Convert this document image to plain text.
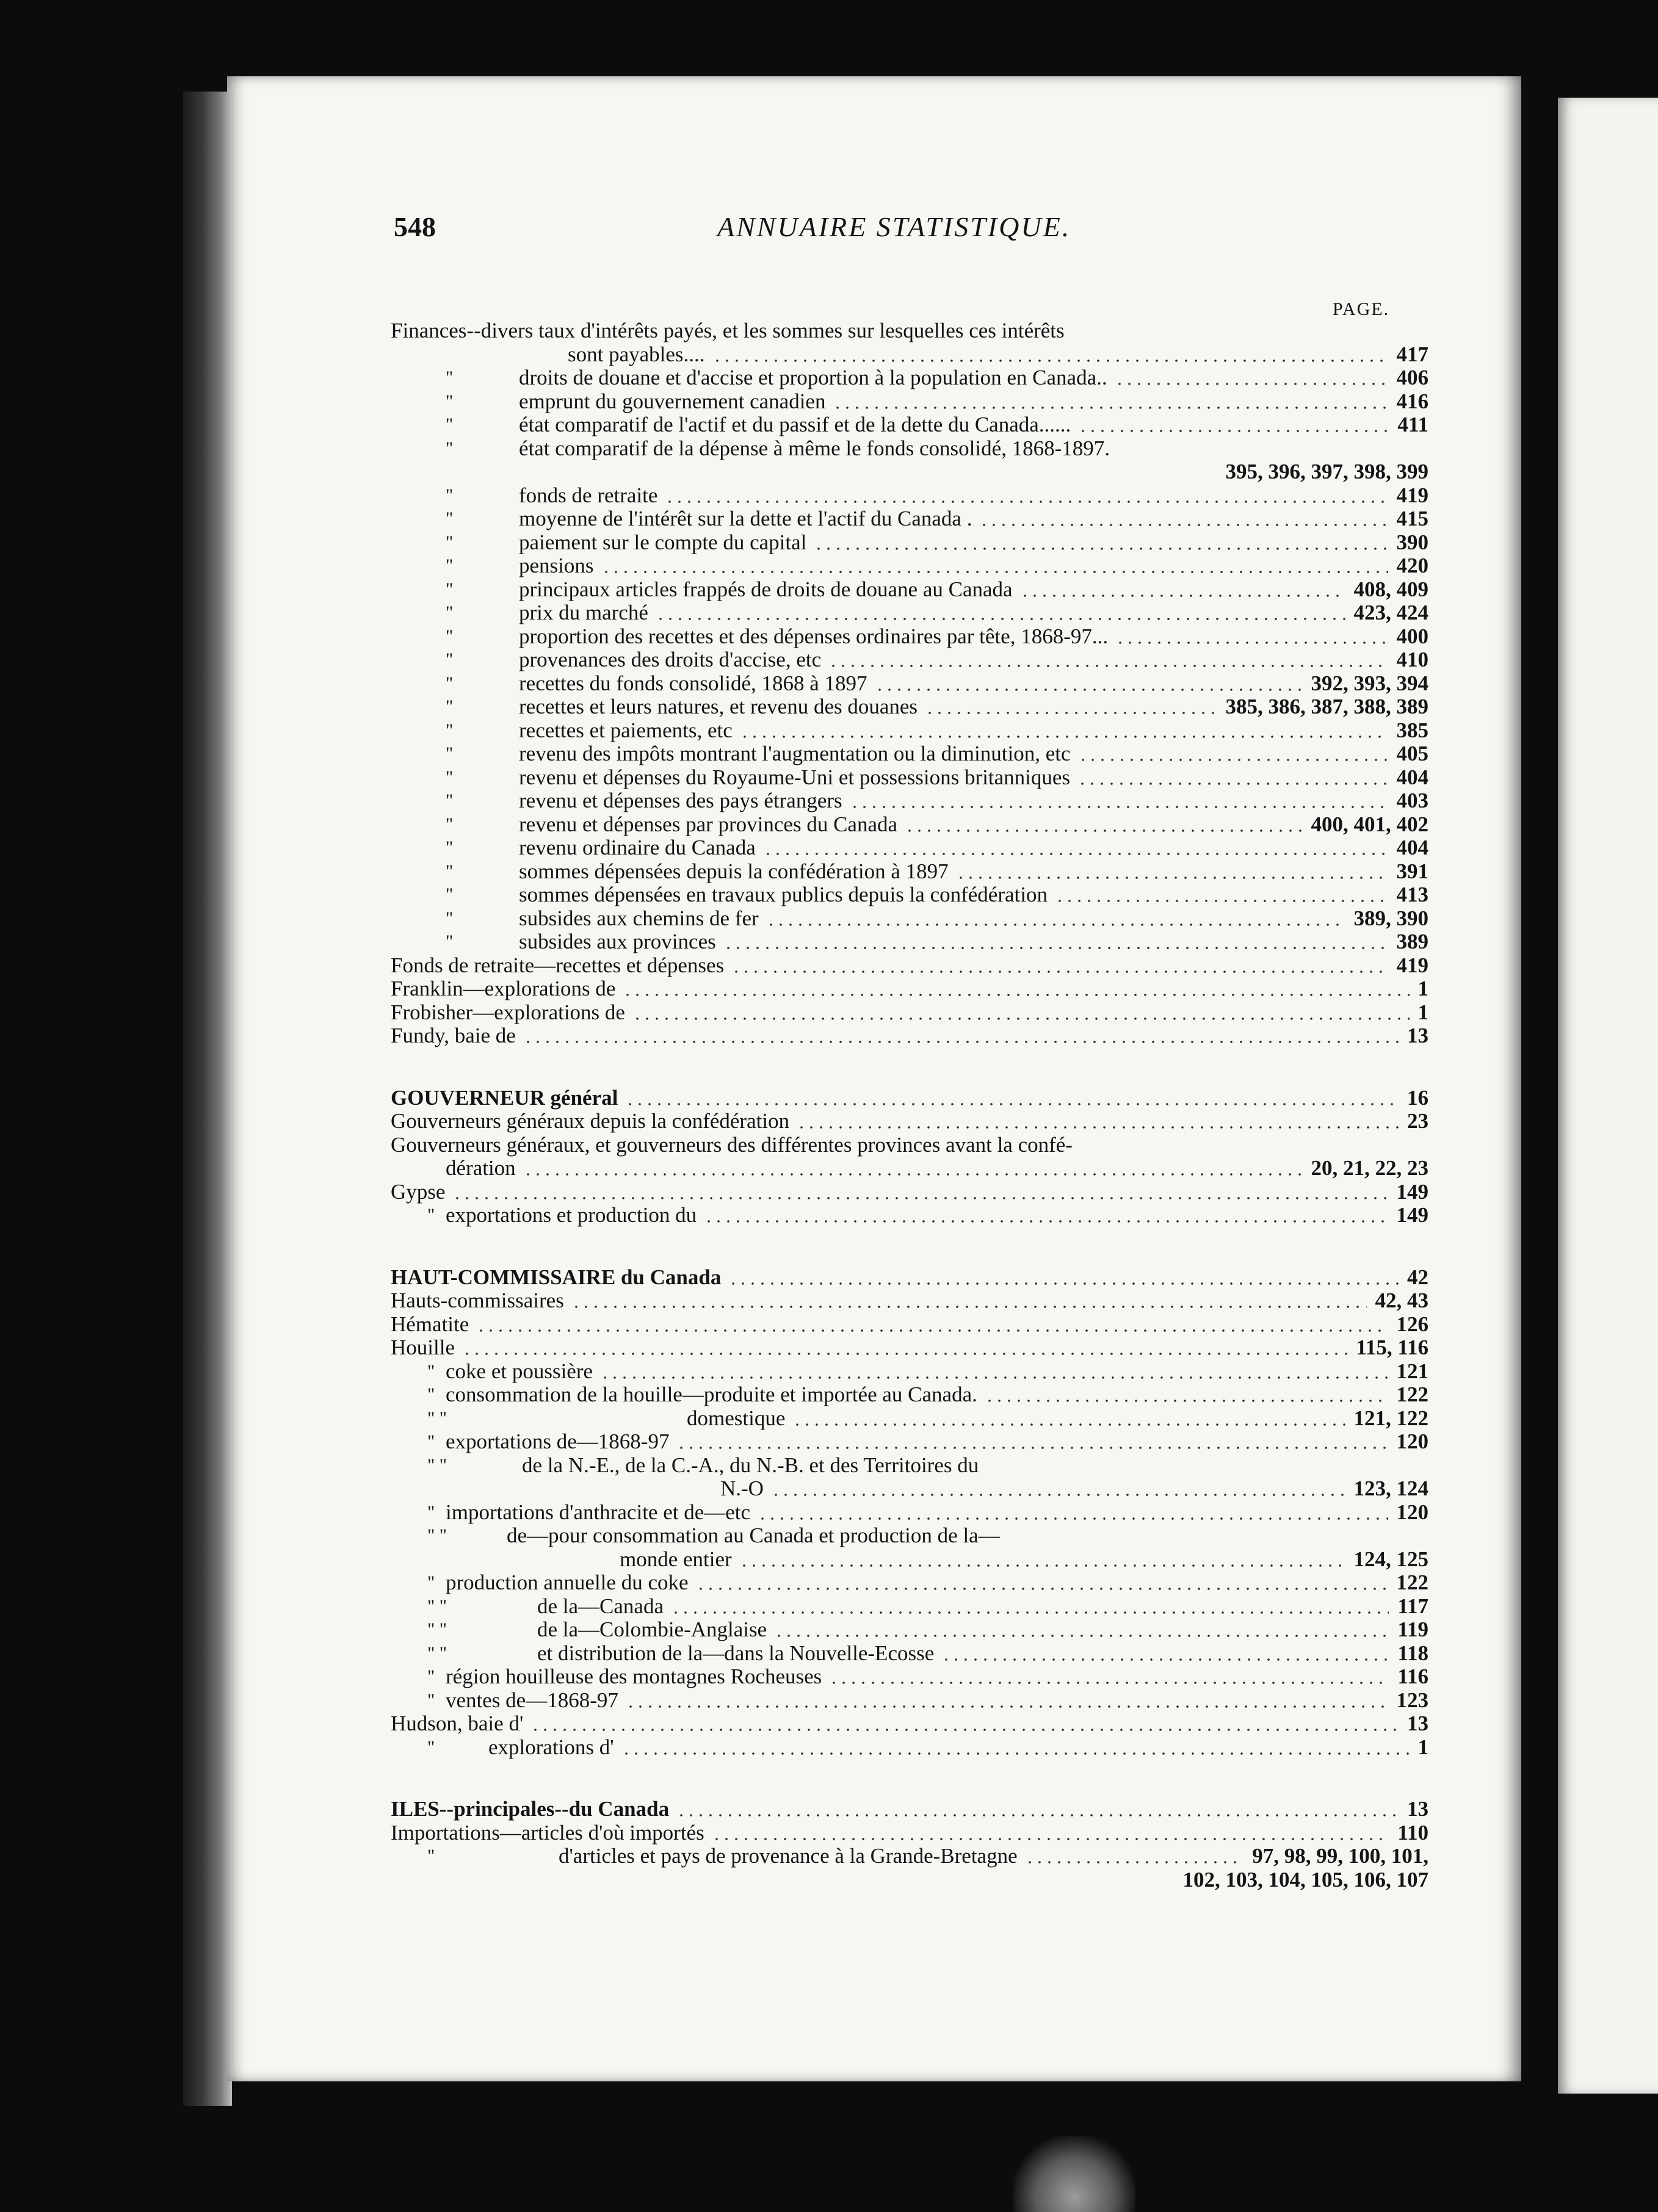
548	ANNUAIRE STATISTIQUE.
PAGE.
Finances--divers taux d'intérêts payés, et les sommes sur lesquelles ces intérêts
sont payables....	417
"	droits de douane et d'accise et proportion à la population en Canada..	406
"	emprunt du gouvernement canadien	416
"	état comparatif de l'actif et du passif et de la dette du Canada......	411
"	état comparatif de la dépense à même le fonds consolidé, 1868-1897.
395, 396, 397, 398, 399
"	fonds de retraite	419
"	moyenne de l'intérêt sur la dette et l'actif du Canada .	415
"	paiement sur le compte du capital	390
"	pensions	420
"	principaux articles frappés de droits de douane au Canada	408, 409
"	prix du marché	423, 424
"	proportion des recettes et des dépenses ordinaires par tête, 1868-97...	400
"	provenances des droits d'accise, etc	410
"	recettes du fonds consolidé, 1868 à 1897	392, 393, 394
"	recettes et leurs natures, et revenu des douanes	385, 386, 387, 388, 389
"	recettes et paiements, etc	385
"	revenu des impôts montrant l'augmentation ou la diminution, etc	405
"	revenu et dépenses du Royaume-Uni et possessions britanniques	404
"	revenu et dépenses des pays étrangers	403
"	revenu et dépenses par provinces du Canada	400, 401, 402
"	revenu ordinaire du Canada	404
"	sommes dépensées depuis la confédération à 1897	391
"	sommes dépensées en travaux publics depuis la confédération	413
"	subsides aux chemins de fer	389, 390
"	subsides aux provinces	389
Fonds de retraite—recettes et dépenses	419
Franklin—explorations de	1
Frobisher—explorations de	1
Fundy, baie de	13
GOUVERNEUR général	16
Gouverneurs généraux depuis la confédération	23
Gouverneurs généraux, et gouverneurs des différentes provinces avant la confé-
dération	20, 21, 22, 23
Gypse	149
" exportations et production du	149
HAUT-COMMISSAIRE du Canada	42
Hauts-commissaires	42, 43
Hématite	126
Houille	115, 116
" coke et poussière	121
" consommation de la houille—produite et importée au Canada.	122
" "	domestique	121, 122
" exportations de—1868-97	120
" "	de la N.-E., de la C.-A., du N.-B. et des Territoires du
N.-O	123, 124
" importations d'anthracite et de—etc	120
" "	de—pour consommation au Canada et production de la—
monde entier	124, 125
" production annuelle du coke	122
" "	de la—Canada	117
" "	de la—Colombie-Anglaise	119
" "	et distribution de la—dans la Nouvelle-Ecosse	118
" région houilleuse des montagnes Rocheuses	116
" ventes de—1868-97	123
Hudson, baie d'	13
"	explorations d'	1
ILES--principales--du Canada	13
Importations—articles d'où importés	110
"	d'articles et pays de provenance à la Grande-Bretagne	97, 98, 99, 100, 101,
102, 103, 104, 105, 106, 107
